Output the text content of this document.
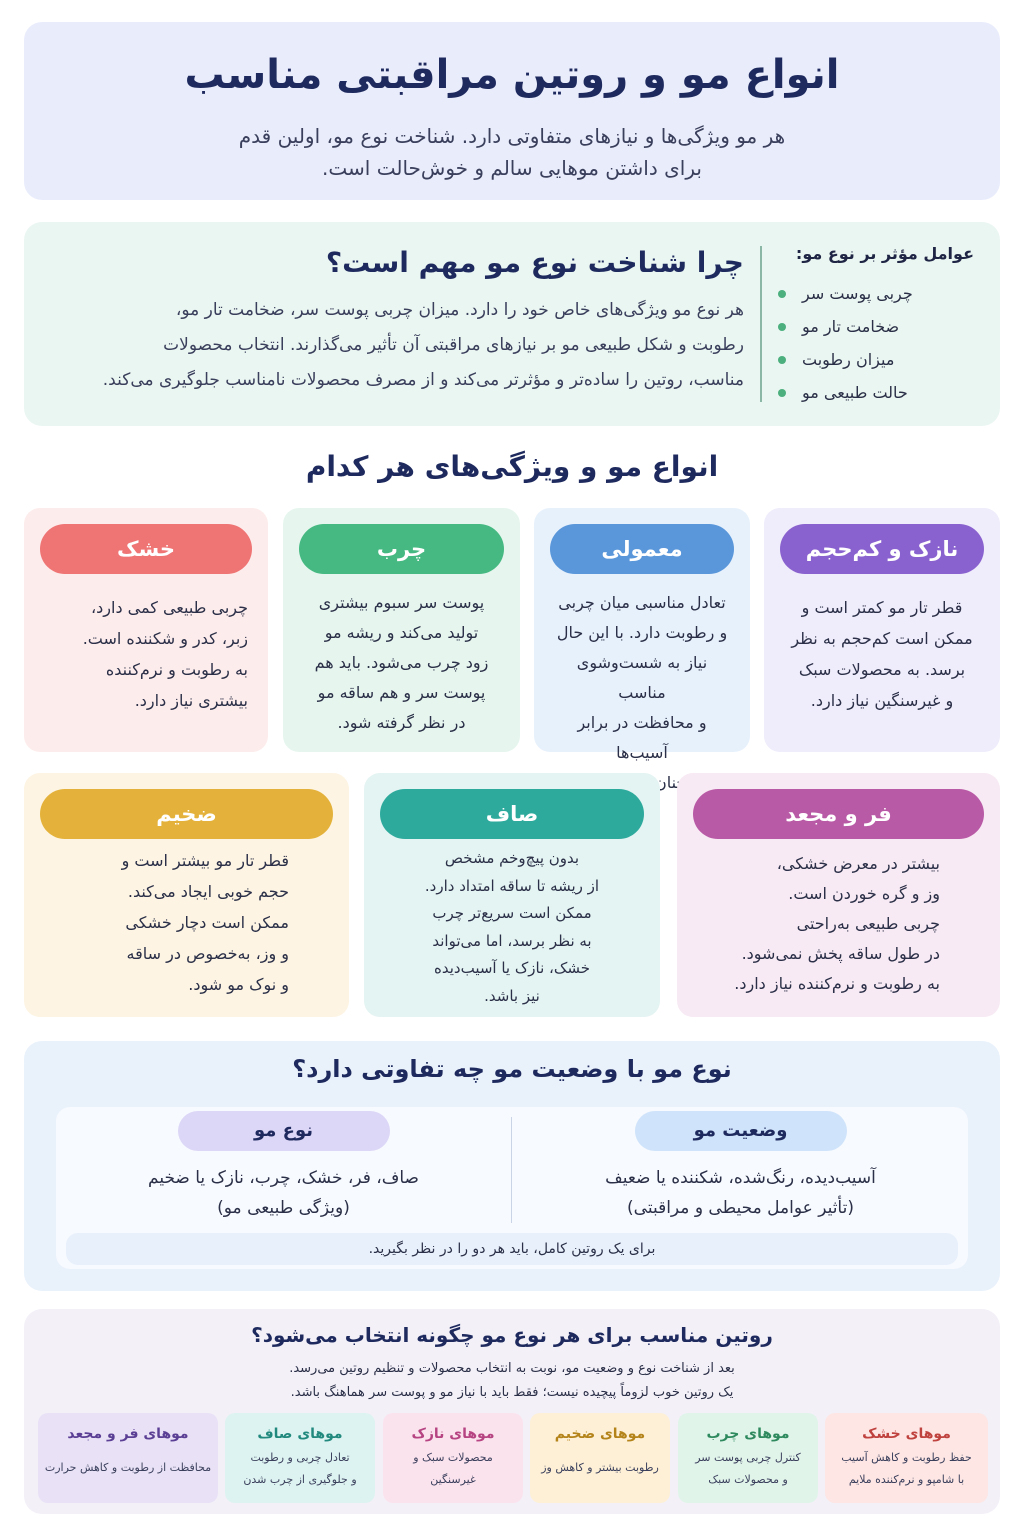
انواع مو و روتین مراقبتی مناسب
هر مو ویژگی‌ها و نیازهای متفاوتی دارد. شناخت نوع مو، اولین قدم
برای داشتن موهایی سالم و خوش‌حالت است.
عوامل مؤثر بر نوع مو:
چربی پوست سر
ضخامت تار مو
میزان رطوبت
حالت طبیعی مو
چرا شناخت نوع مو مهم است؟

هر نوع مو ویژگی‌های خاص خود را دارد. میزان چربی پوست سر، ضخامت تار مو،
رطوبت و شکل طبیعی مو بر نیازهای مراقبتی آن تأثیر می‌گذارند. انتخاب محصولات
مناسب، روتین را ساده‌تر و مؤثرتر می‌کند و از مصرف محصولات نامناسب جلوگیری می‌کند.

انواع مو و ویژگی‌های هر کدام
نازک و کم‌حجم
قطر تار مو کمتر است و
ممکن است کم‌حجم به نظر
برسد. به محصولات سبک
و غیرسنگین نیاز دارد.
معمولی
تعادل مناسبی میان چربی
و رطوبت دارد. با این حال
نیاز به شست‌وشوی مناسب
و محافظت در برابر آسیب‌ها
چرب
پوست سر سبوم بیشتری
تولید می‌کند و ریشه مو
زود چرب می‌شود. باید هم
پوست سر و هم ساقه مو
در نظر گرفته شود.
خشک
چربی طبیعی کمی دارد،
زبر، کدر و شکننده است.
به رطوبت و نرم‌کننده
بیشتری نیاز دارد.
فر و مجعد
بیشتر در معرض خشکی،
وز و گره خوردن است.
چربی طبیعی به‌راحتی
در طول ساقه پخش نمی‌شود.
به رطوبت و نرم‌کننده نیاز دارد.
صاف
بدون پیچ‌وخم مشخص
از ریشه تا ساقه امتداد دارد.
ممکن است سریع‌تر چرب
به نظر برسد، اما می‌تواند
خشک، نازک یا آسیب‌دیده
نیز باشد.
ضخیم
قطر تار مو بیشتر است و
حجم خوبی ایجاد می‌کند.
ممکن است دچار خشکی
و وز، به‌خصوص در ساقه
و نوک مو شود.
نوع مو با وضعیت مو چه تفاوتی دارد؟
وضعیت مو
آسیب‌دیده، رنگ‌شده، شکننده یا ضعیف
(تأثیر عوامل محیطی و مراقبتی)
نوع مو
صاف، فر، خشک، چرب، نازک یا ضخیم
(ویژگی طبیعی مو)
برای یک روتین کامل، باید هر دو را در نظر بگیرید.
روتین مناسب برای هر نوع مو چگونه انتخاب می‌شود؟
بعد از شناخت نوع و وضعیت مو، نوبت به انتخاب محصولات و تنظیم روتین می‌رسد.
یک روتین خوب لزوماً پیچیده نیست؛ فقط باید با نیاز مو و پوست سر هماهنگ باشد.
موهای خشک
حفظ رطوبت و کاهش آسیب
با شامپو و نرم‌کننده ملایم
موهای چرب
کنترل چربی پوست سر
و محصولات سبک
موهای ضخیم
رطوبت بیشتر و کاهش وز
موهای نازک
محصولات سبک و
غیرسنگین
موهای صاف
تعادل چربی و رطوبت
و جلوگیری از چرب شدن
موهای فر و مجعد
محافظت از رطوبت و کاهش حرارت
